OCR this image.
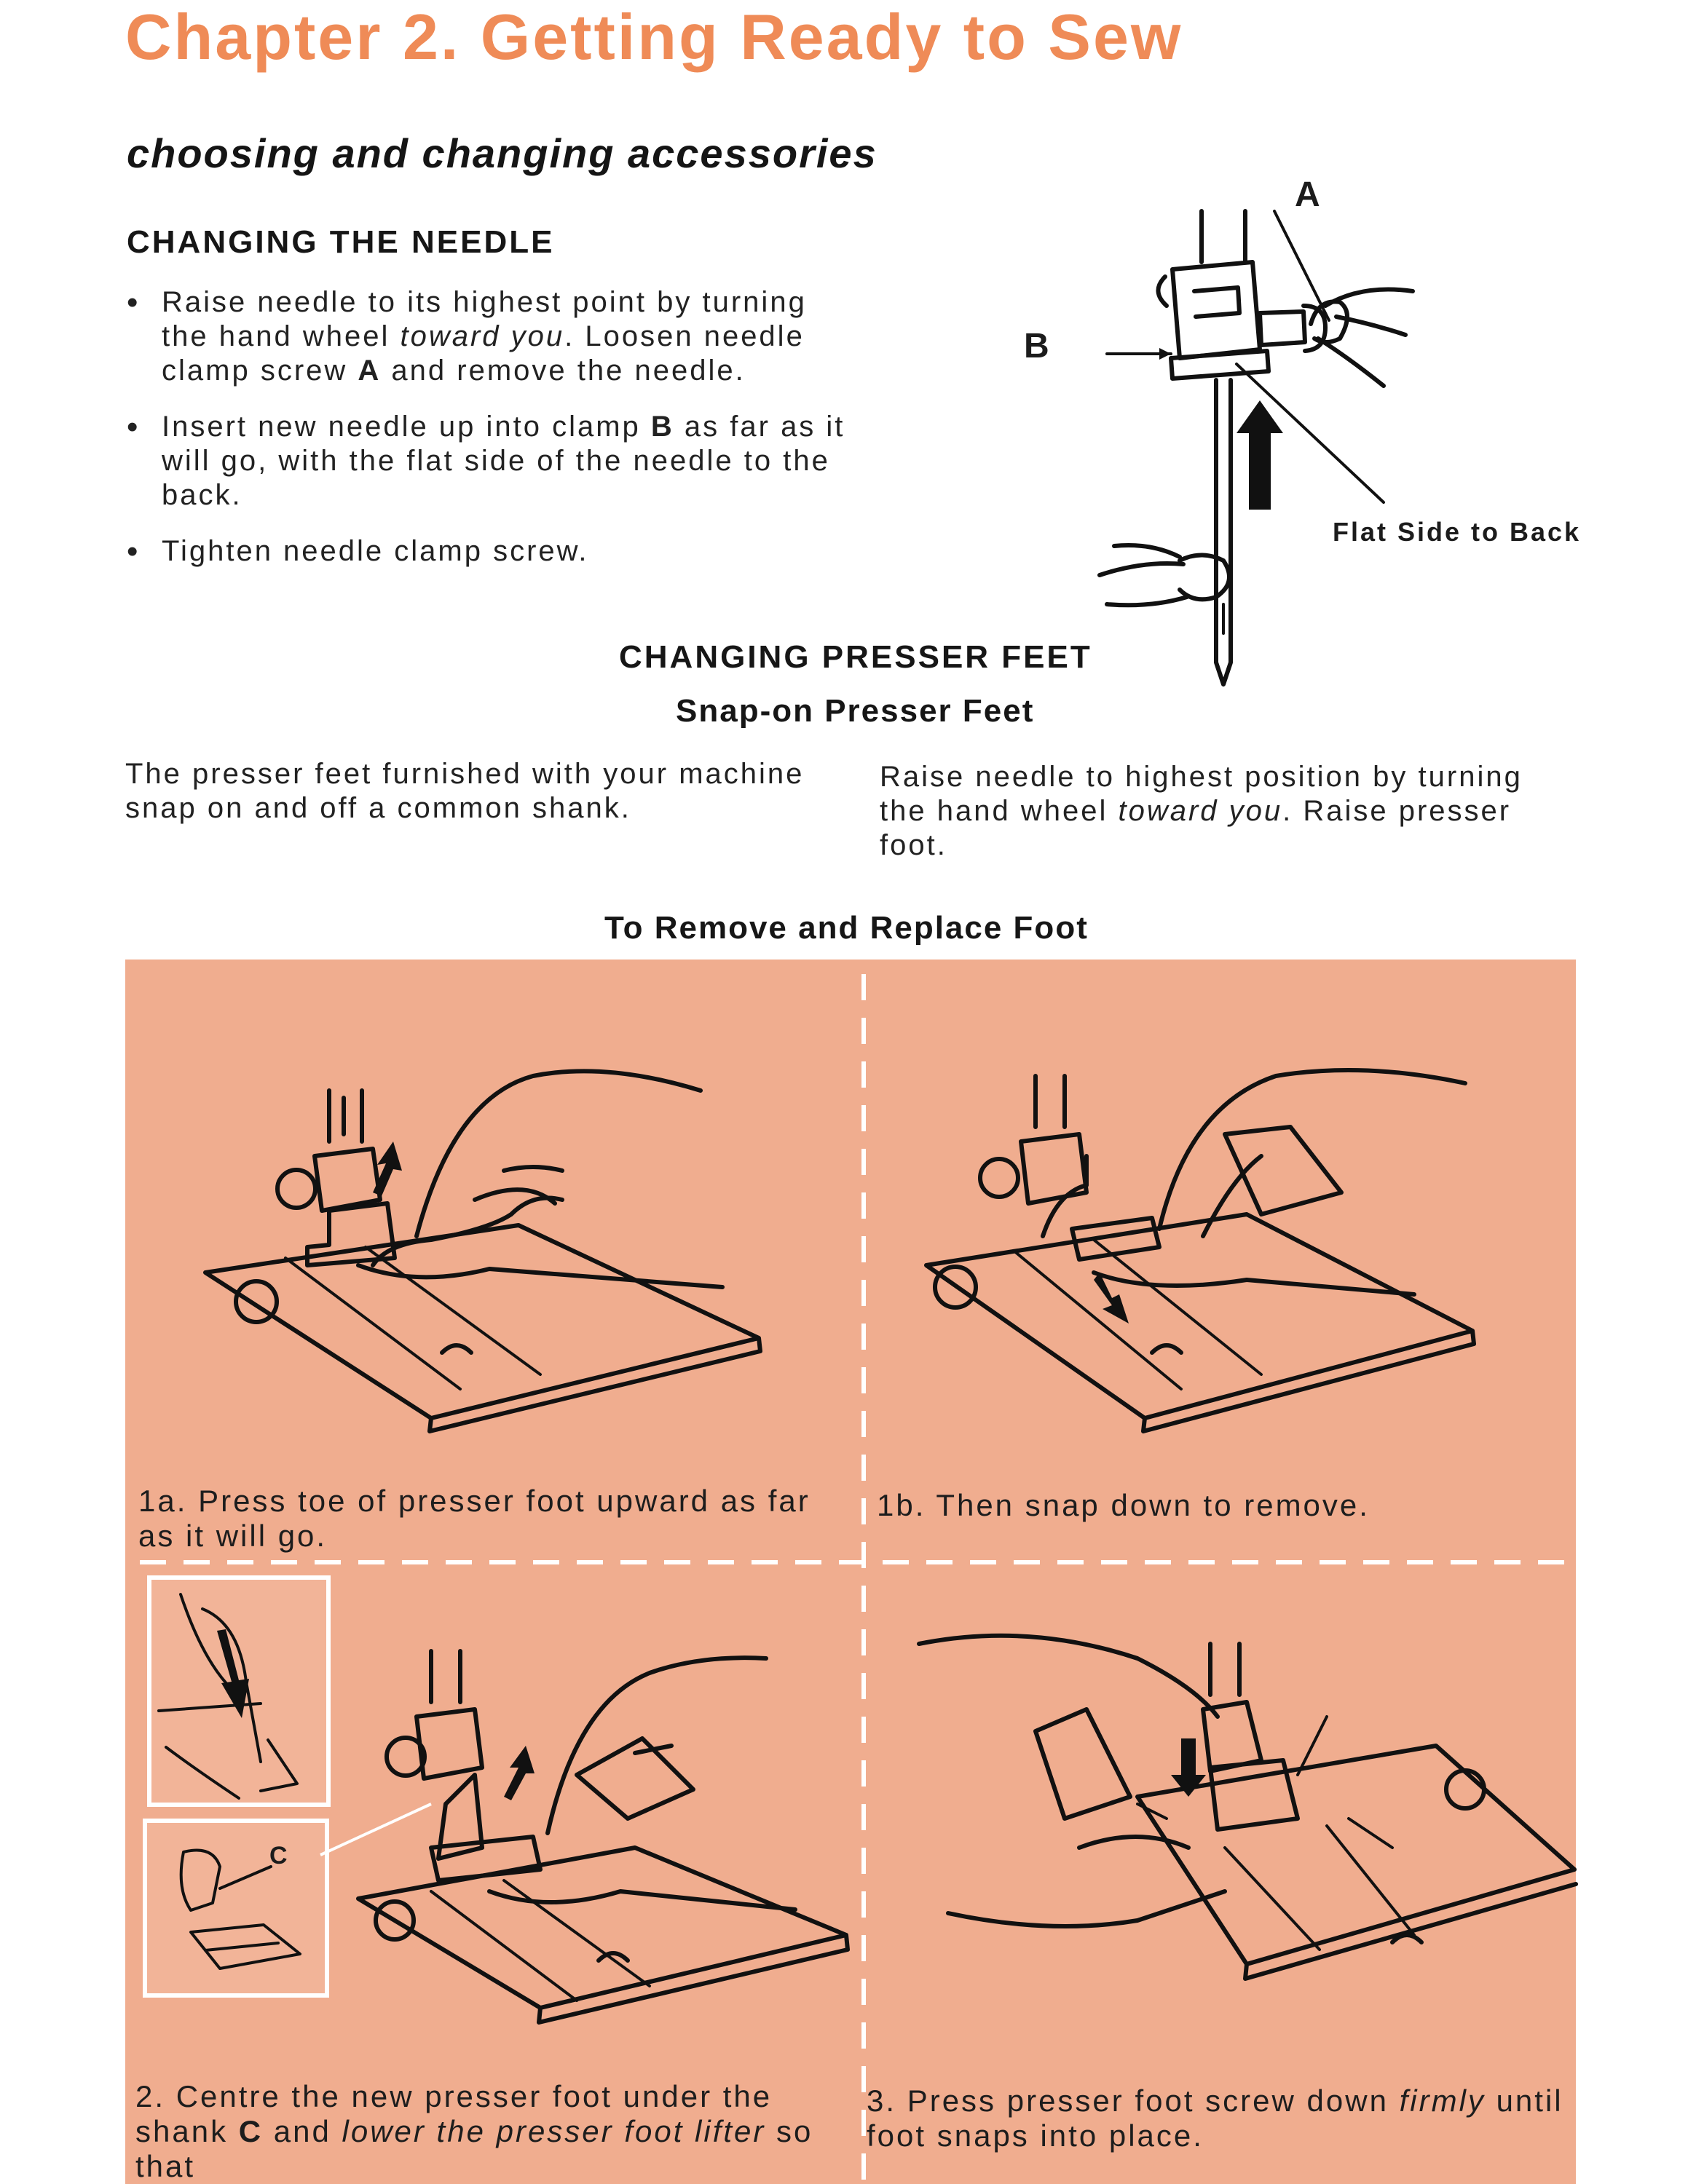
Chapter 2. Getting Ready to Sew
choosing and changing accessories
CHANGING THE NEEDLE
• Raise needle to its highest point by turning the hand wheel toward you. Loosen needle clamp screw A and remove the needle.
• Insert new needle up into clamp B as far as it will go, with the flat side of the needle to the back.
• Tighten needle clamp screw.
A
B
Flat Side to Back
CHANGING PRESSER FEET
Snap-on Presser Feet
The presser feet furnished with your machine snap on and off a common shank.
Raise needle to highest position by turning the hand wheel toward you. Raise presser foot.
To Remove and Replace Foot
C
1a. Press toe of presser foot upward as far as it will go.
1b. Then snap down to remove.
2. Centre the new presser foot under the shank C and lower the presser foot lifter so that
3. Press presser foot screw down firmly until foot snaps into place.
